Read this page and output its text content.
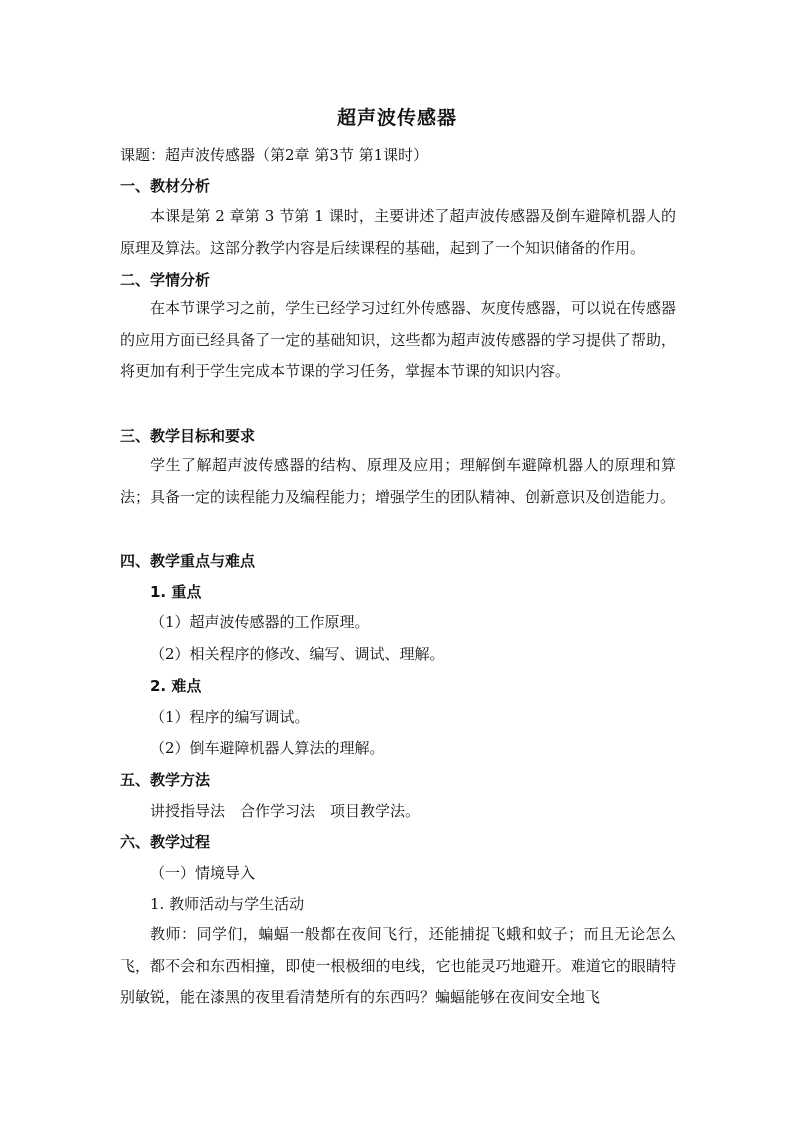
超声波传感器
课题：超声波传感器（第2章 第3节 第1课时）
一、教材分析
本课是第 2 章第 3 节第 1 课时，主要讲述了超声波传感器及倒车避障机器人的原理及算法。这部分教学内容是后续课程的基础，起到了一个知识储备的作用。
二、学情分析
在本节课学习之前，学生已经学习过红外传感器、灰度传感器，可以说在传感器的应用方面已经具备了一定的基础知识，这些都为超声波传感器的学习提供了帮助，将更加有利于学生完成本节课的学习任务，掌握本节课的知识内容。
三、教学目标和要求
学生了解超声波传感器的结构、原理及应用；理解倒车避障机器人的原理和算法；具备一定的读程能力及编程能力；增强学生的团队精神、创新意识及创造能力。
四、教学重点与难点
1. 重点
（1）超声波传感器的工作原理。
（2）相关程序的修改、编写、调试、理解。
2. 难点
（1）程序的编写调试。
（2）倒车避障机器人算法的理解。
五、教学方法
讲授指导法　合作学习法　项目教学法。
六、教学过程
（一）情境导入
1. 教师活动与学生活动
教师：同学们，蝙蝠一般都在夜间飞行，还能捕捉飞蛾和蚊子；而且无论怎么飞，都不会和东西相撞，即使一根极细的电线，它也能灵巧地避开。难道它的眼睛特别敏锐，能在漆黑的夜里看清楚所有的东西吗？蝙蝠能够在夜间安全地飞
